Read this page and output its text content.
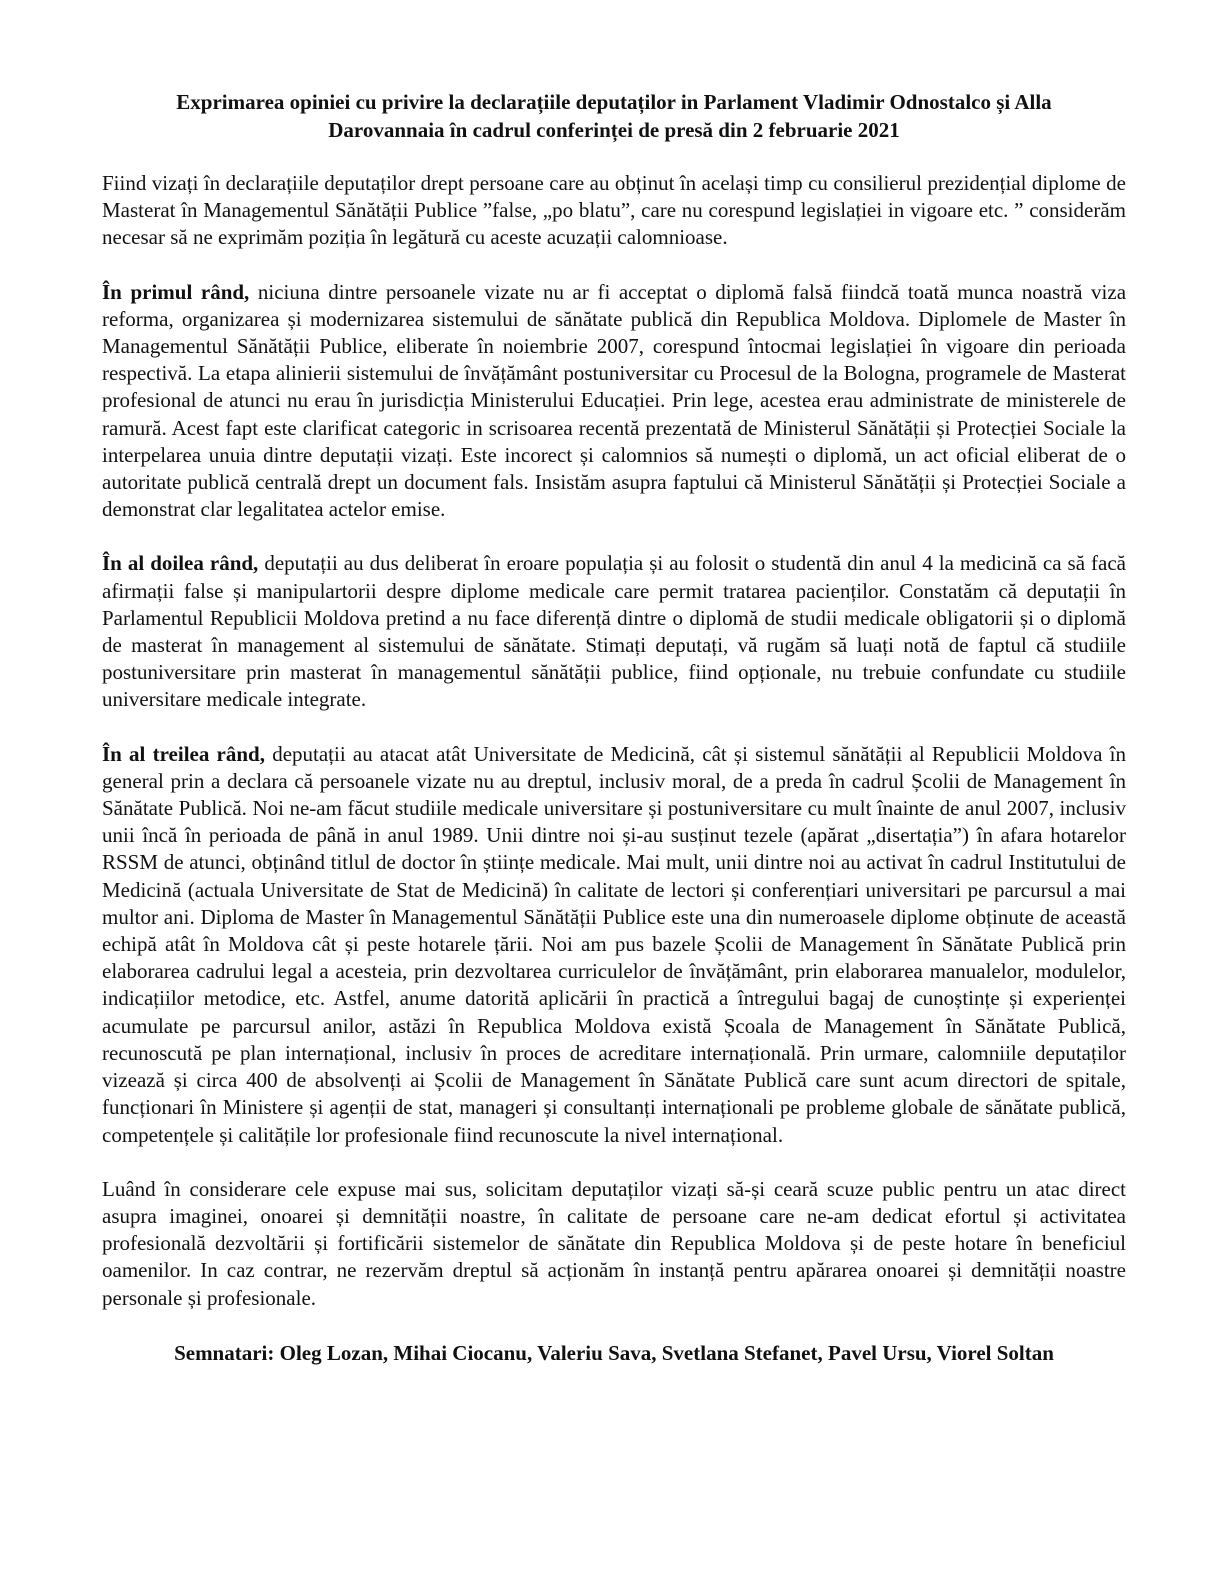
Exprimarea opiniei cu privire la declarațiile deputaților in Parlament Vladimir Odnostalco și Alla
Darovannaia în cadrul conferinței de presă din 2 februarie 2021

Fiind vizați în declarațiile deputaților drept persoane care au obținut în același timp cu consilierul prezidențial diplome de Masterat în Managementul Sănătății Publice ”false, „po blatu”, care nu corespund legislației in vigoare etc. ” considerăm necesar să ne exprimăm poziția în legătură cu aceste acuzații calomnioase.

În primul rând, niciuna dintre persoanele vizate nu ar fi acceptat o diplomă falsă fiindcă toată munca noastră viza reforma, organizarea și modernizarea sistemului de sănătate publică din Republica Moldova. Diplomele de Master în Managementul Sănătății Publice, eliberate în noiembrie 2007, corespund întocmai legislației în vigoare din perioada respectivă. La etapa alinierii sistemului de învățământ postuniversitar cu Procesul de la Bologna, programele de Masterat profesional de atunci nu erau în jurisdicția Ministerului Educației. Prin lege, acestea erau administrate de ministerele de ramură. Acest fapt este clarificat categoric in scrisoarea recentă prezentată de Ministerul Sănătății și Protecției Sociale la interpelarea unuia dintre deputații vizați. Este incorect și calomnios să numești o diplomă, un act oficial eliberat de o autoritate publică centrală drept un document fals. Insistăm asupra faptului că Ministerul Sănătății și Protecției Sociale a demonstrat clar legalitatea actelor emise.

În al doilea rând, deputații au dus deliberat în eroare populația și au folosit o studentă din anul 4 la medicină ca să facă afirmații false și manipulartorii despre diplome medicale care permit tratarea pacienților. Constatăm că deputații în Parlamentul Republicii Moldova pretind a nu face diferență dintre o diplomă de studii medicale obligatorii și o diplomă de masterat în management al sistemului de sănătate. Stimați deputați, vă rugăm să luați notă de faptul că studiile postuniversitare prin masterat în managementul sănătății publice, fiind opționale, nu trebuie confundate cu studiile universitare medicale integrate.

În al treilea rând, deputații au atacat atât Universitate de Medicină, cât și sistemul sănătății al Republicii Moldova în general prin a declara că persoanele vizate nu au dreptul, inclusiv moral, de a preda în cadrul Școlii de Management în Sănătate Publică. Noi ne-am făcut studiile medicale universitare și postuniversitare cu mult înainte de anul 2007, inclusiv unii încă în perioada de până in anul 1989. Unii dintre noi și-au susținut tezele (apărat „disertația”) în afara hotarelor RSSM de atunci, obținând titlul de doctor în științe medicale. Mai mult, unii dintre noi au activat în cadrul Institutului de Medicină (actuala Universitate de Stat de Medicină) în calitate de lectori și conferențiari universitari pe parcursul a mai multor ani. Diploma de Master în Managementul Sănătății Publice este una din numeroasele diplome obținute de această echipă atât în Moldova cât și peste hotarele țării. Noi am pus bazele Școlii de Management în Sănătate Publică prin elaborarea cadrului legal a acesteia, prin dezvoltarea curriculelor de învățământ, prin elaborarea manualelor, modulelor, indicațiilor metodice, etc. Astfel, anume datorită aplicării în practică a întregului bagaj de cunoștințe și experienței acumulate pe parcursul anilor, astăzi în Republica Moldova există Școala de Management în Sănătate Publică, recunoscută pe plan internațional, inclusiv în proces de acreditare internațională. Prin urmare, calomniile deputaților vizează și circa 400 de absolvenți ai Școlii de Management în Sănătate Publică care sunt acum directori de spitale, funcționari în Ministere și agenții de stat, manageri și consultanți internaționali pe probleme globale de sănătate publică, competențele și calitățile lor profesionale fiind recunoscute la nivel internațional.

Luând în considerare cele expuse mai sus, solicitam deputaților vizați să-și ceară scuze public pentru un atac direct asupra imaginei, onoarei și demnității noastre, în calitate de persoane care ne-am dedicat efortul și activitatea profesională dezvoltării și fortificării sistemelor de sănătate din Republica Moldova și de peste hotare în beneficiul oamenilor. In caz contrar, ne rezervăm dreptul să acționăm în instanță pentru apărarea onoarei și demnității noastre personale și profesionale.

Semnatari: Oleg Lozan, Mihai Ciocanu, Valeriu Sava, Svetlana Stefanet, Pavel Ursu, Viorel Soltan
